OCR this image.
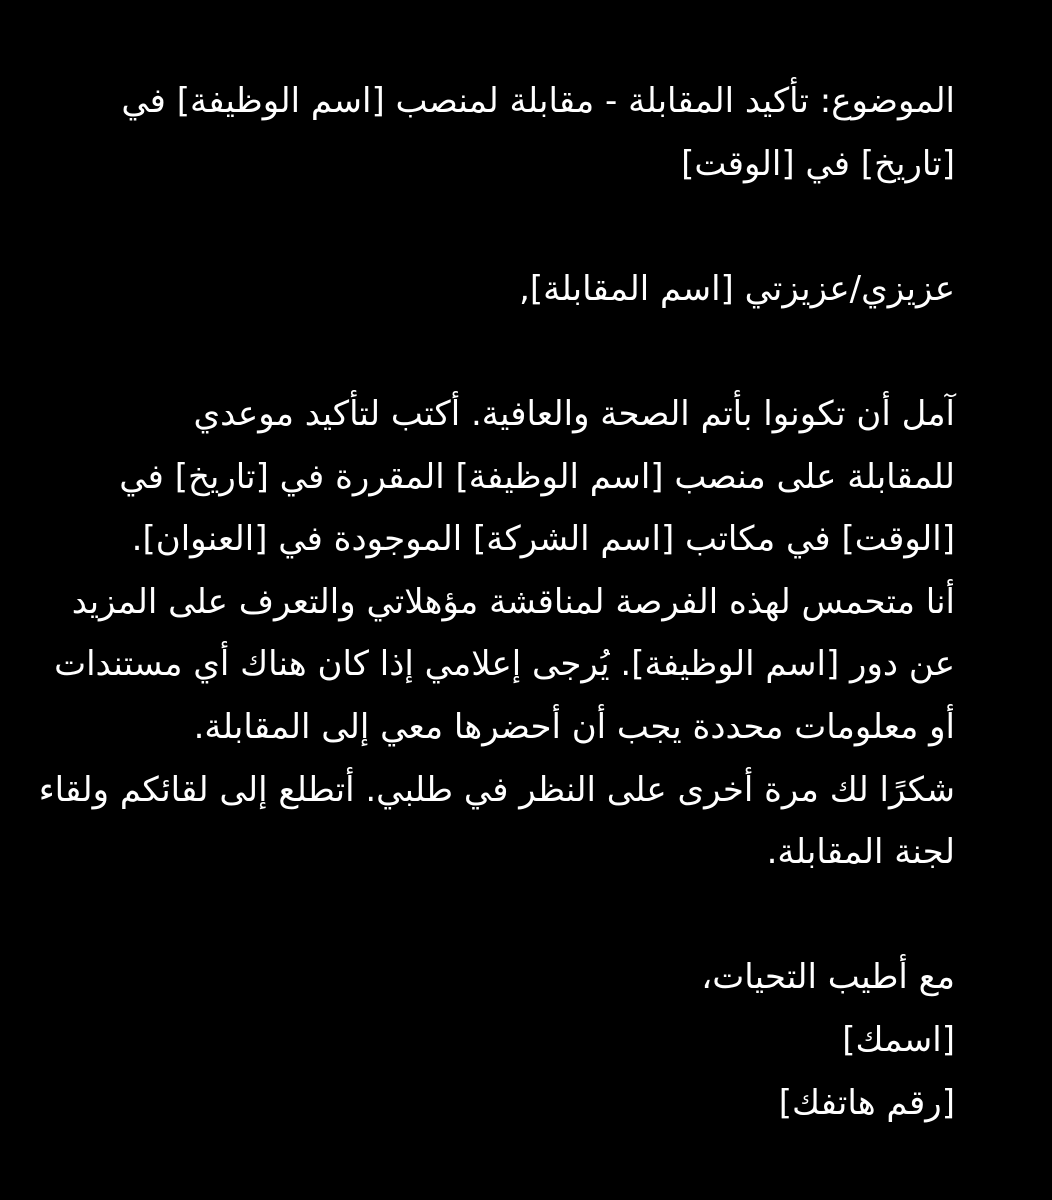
الموضوع: تأكيد المقابلة - مقابلة لمنصب [اسم الوظيفة] في
[تاريخ] في [الوقت]
عزيزي/عزيزتي [اسم المقابلة],
آمل أن تكونوا بأتم الصحة والعافية. أكتب لتأكيد موعدي
للمقابلة على منصب [اسم الوظيفة] المقررة في [تاريخ] في
[الوقت] في مكاتب [اسم الشركة] الموجودة في [العنوان].
أنا متحمس لهذه الفرصة لمناقشة مؤهلاتي والتعرف على المزيد
عن دور [اسم الوظيفة]. يُرجى إعلامي إذا كان هناك أي مستندات
أو معلومات محددة يجب أن أحضرها معي إلى المقابلة.
شكرًا لك مرة أخرى على النظر في طلبي. أتطلع إلى لقائكم ولقاء
لجنة المقابلة.
مع أطيب التحيات،
[اسمك]
[رقم هاتفك]
